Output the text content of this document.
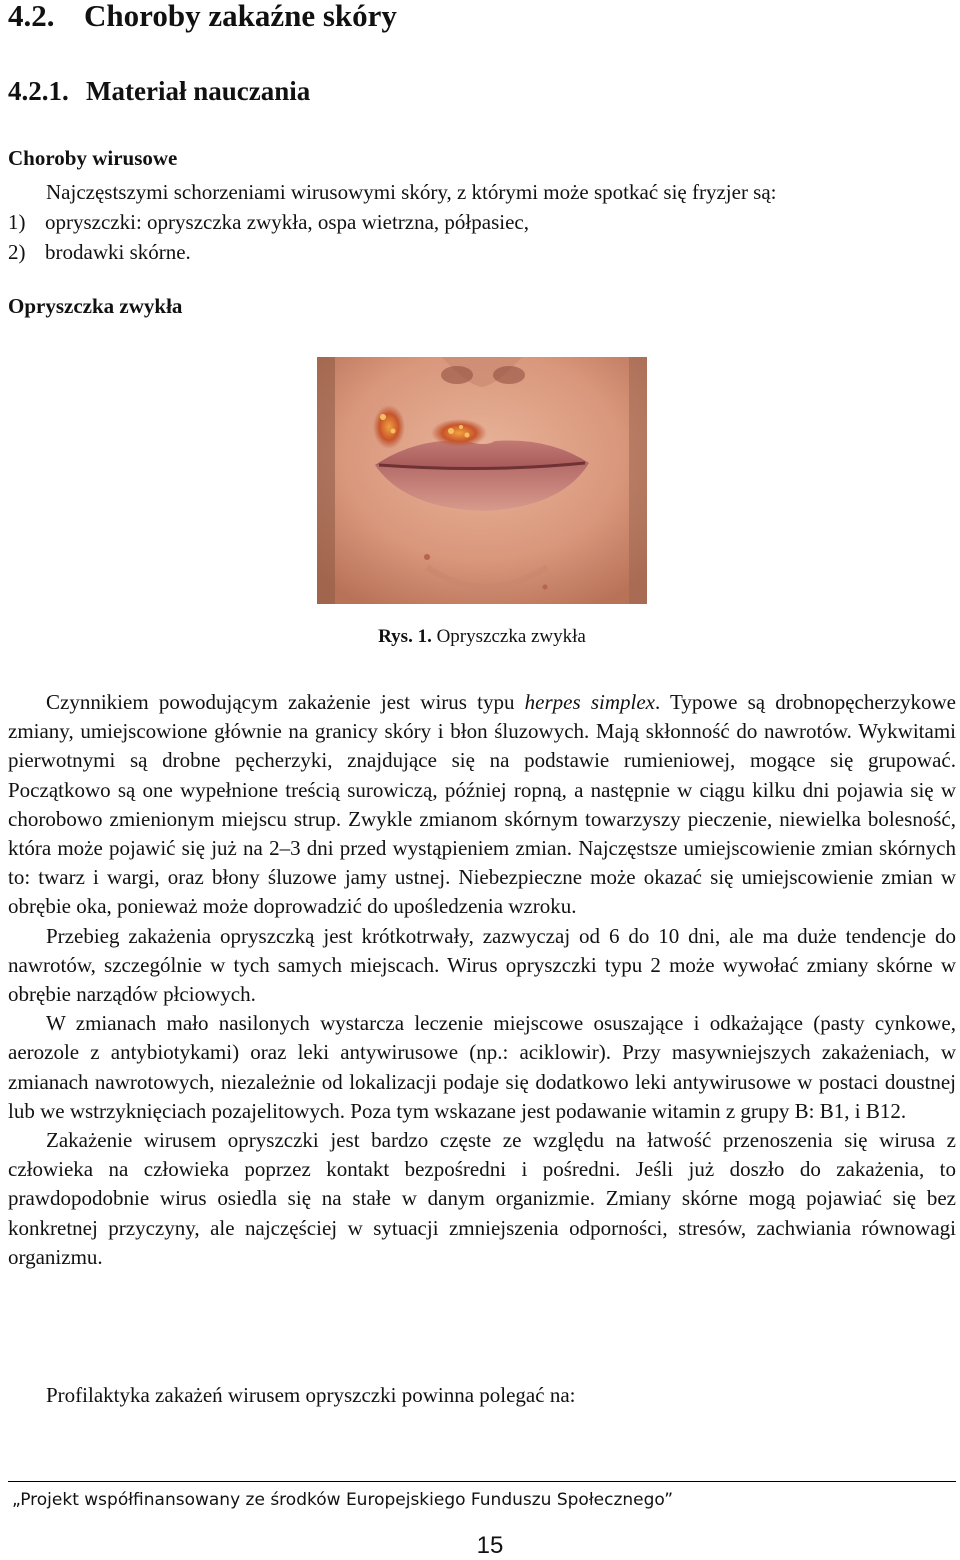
4.2. Choroby zakaźne skóry
4.2.1. Materiał nauczania
Choroby wirusowe
Najczęstszymi schorzeniami wirusowymi skóry, z którymi może spotkać się fryzjer są:
1) opryszczki: opryszczka zwykła, ospa wietrzna, półpasiec,
2) brodawki skórne.
Opryszczka zwykła
Rys. 1. Opryszczka zwykła

Czynnikiem powodującym zakażenie jest wirus typu herpes simplex. Typowe są drobnopęcherzykowe zmiany, umiejscowione głównie na granicy skóry i błon śluzowych. Mają skłonność do nawrotów. Wykwitami pierwotnymi są drobne pęcherzyki, znajdujące się na podstawie rumieniowej, mogące się grupować. Początkowo są one wypełnione treścią surowiczą, później ropną, a następnie w ciągu kilku dni pojawia się w chorobowo zmienionym miejscu strup. Zwykle zmianom skórnym towarzyszy pieczenie, niewielka bolesność, która może pojawić się już na 2–3 dni przed wystąpieniem zmian. Najczęstsze umiejscowienie zmian skórnych to: twarz i wargi, oraz błony śluzowe jamy ustnej. Niebezpieczne może okazać się umiejscowienie zmian w obrębie oka, ponieważ może doprowadzić do upośledzenia wzroku.

Przebieg zakażenia opryszczką jest krótkotrwały, zazwyczaj od 6 do 10 dni, ale ma duże tendencje do nawrotów, szczególnie w tych samych miejscach. Wirus opryszczki typu 2 może wywołać zmiany skórne w obrębie narządów płciowych.

W zmianach mało nasilonych wystarcza leczenie miejscowe osuszające i odkażające (pasty cynkowe, aerozole z antybiotykami) oraz leki antywirusowe (np.: aciklowir). Przy masywniejszych zakażeniach, w zmianach nawrotowych, niezależnie od lokalizacji podaje się dodatkowo leki antywirusowe w postaci doustnej lub we wstrzyknięciach pozajelitowych. Poza tym wskazane jest podawanie witamin z grupy B: B1, i B12.

Zakażenie wirusem opryszczki jest bardzo częste ze względu na łatwość przenoszenia się wirusa z człowieka na człowieka poprzez kontakt bezpośredni i pośredni. Jeśli już doszło do zakażenia, to prawdopodobnie wirus osiedla się na stałe w danym organizmie. Zmiany skórne mogą pojawiać się bez konkretnej przyczyny, ale najczęściej w sytuacji zmniejszenia odporności, stresów, zachwiania równowagi organizmu.

Profilaktyka zakażeń wirusem opryszczki powinna polegać na:
„Projekt współfinansowany ze środków Europejskiego Funduszu Społecznego”
15
